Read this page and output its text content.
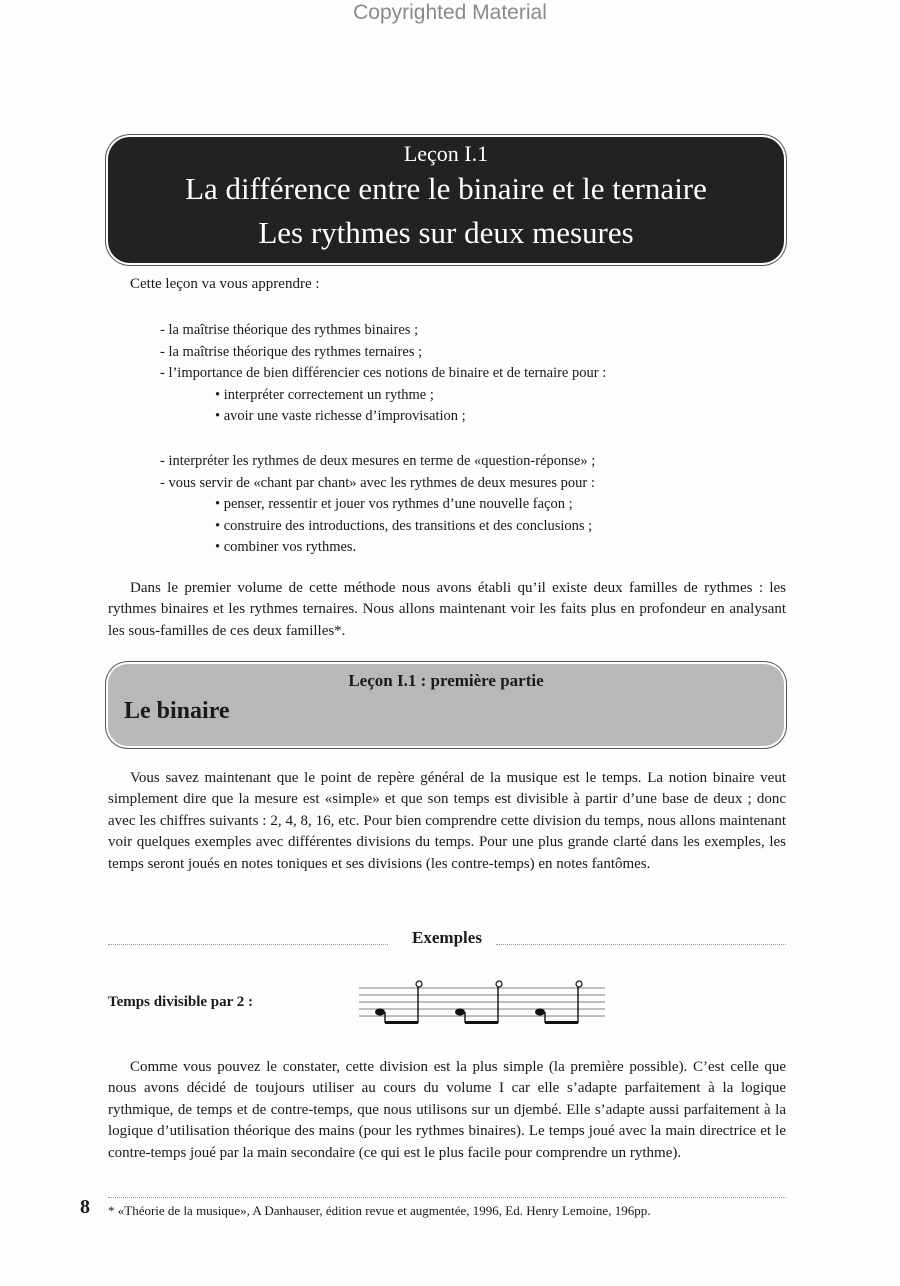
Copyrighted Material
Leçon I.1
La différence entre le binaire et le ternaire
Les rythmes sur deux mesures
Cette leçon va vous apprendre :
- la maîtrise théorique des rythmes binaires ;
- la maîtrise théorique des rythmes ternaires ;
- l’importance de bien différencier ces notions de binaire et de ternaire pour :
• interpréter correctement un rythme ;
• avoir une vaste richesse d’improvisation ;
- interpréter les rythmes de deux mesures en terme de «question-réponse» ;
- vous servir de «chant par chant» avec les rythmes de deux mesures pour :
• penser, ressentir et jouer vos rythmes d’une nouvelle façon ;
• construire des introductions, des transitions et des conclusions ;
• combiner vos rythmes.
Dans le premier volume de cette méthode nous avons établi qu’il existe deux familles de rythmes : les rythmes binaires et les rythmes ternaires. Nous allons maintenant voir les faits plus en profondeur en analysant les sous-familles de ces deux familles*.
Leçon I.1 : première partie
Le binaire
Vous savez maintenant que le point de repère général de la musique est le temps. La notion binaire veut simplement dire que la mesure est «simple» et que son temps est divisible à partir d’une base de deux ; donc avec les chiffres suivants : 2, 4, 8, 16, etc. Pour bien comprendre cette division du temps, nous allons maintenant voir quelques exemples avec différentes divisions du temps. Pour une plus grande clarté dans les exemples, les temps seront joués en notes toniques et ses divisions (les contre-temps) en notes fantômes.
Exemples
Temps divisible par 2 :
Comme vous pouvez le constater, cette division est la plus simple (la première possible). C’est celle que nous avons décidé de toujours utiliser au cours du volume I car elle s’adapte parfaitement à la logique rythmique, de temps et de contre-temps, que nous utilisons sur un djembé. Elle s’adapte aussi parfaitement à la logique d’utilisation théorique des mains (pour les rythmes binaires). Le temps joué avec la main directrice et le contre-temps joué par la main secondaire (ce qui est le plus facile pour comprendre un rythme).
8 * «Théorie de la musique», A Danhauser, édition revue et augmentée, 1996, Ed. Henry Lemoine, 196pp.
